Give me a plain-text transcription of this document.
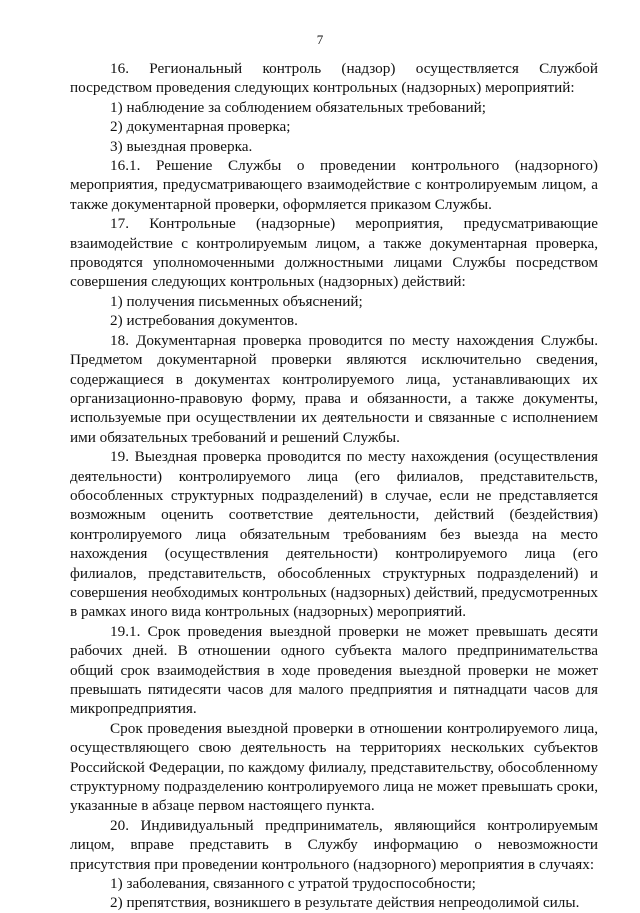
7

16. Региональный контроль (надзор) осуществляется Службой посредством проведения следующих контрольных (надзорных) мероприятий:

1) наблюдение за соблюдением обязательных требований;

2) документарная проверка;

3) выездная проверка.

16.1. Решение Службы о проведении контрольного (надзорного) мероприятия, предусматривающего взаимодействие с контролируемым лицом, а также документарной проверки, оформляется приказом Службы.

17. Контрольные (надзорные) мероприятия, предусматривающие взаимодействие с контролируемым лицом, а также документарная проверка, проводятся уполномоченными должностными лицами Службы посредством совершения следующих контрольных (надзорных) действий:

1) получения письменных объяснений;

2) истребования документов.

18. Документарная проверка проводится по месту нахождения Службы. Предметом документарной проверки являются исключительно сведения, содержащиеся в документах контролируемого лица, устанавливающих их организационно-правовую форму, права и обязанности, а также документы, используемые при осуществлении их деятельности и связанные с исполнением ими обязательных требований и решений Службы.

19. Выездная проверка проводится по месту нахождения (осуществления деятельности) контролируемого лица (его филиалов, представительств, обособленных структурных подразделений) в случае, если не представляется возможным оценить соответствие деятельности, действий (бездействия) контролируемого лица обязательным требованиям без выезда на место нахождения (осуществления деятельности) контролируемого лица (его филиалов, представительств, обособленных структурных подразделений) и совершения необходимых контрольных (надзорных) действий, предусмотренных в рамках иного вида контрольных (надзорных) мероприятий.

19.1. Срок проведения выездной проверки не может превышать десяти рабочих дней. В отношении одного субъекта малого предпринимательства общий срок взаимодействия в ходе проведения выездной проверки не может превышать пятидесяти часов для малого предприятия и пятнадцати часов для микропредприятия.

Срок проведения выездной проверки в отношении контролируемого лица, осуществляющего свою деятельность на территориях нескольких субъектов Российской Федерации, по каждому филиалу, представительству, обособленному структурному подразделению контролируемого лица не может превышать сроки, указанные в абзаце первом настоящего пункта.

20. Индивидуальный предприниматель, являющийся контролируемым лицом, вправе представить в Службу информацию о невозможности присутствия при проведении контрольного (надзорного) мероприятия в случаях:

1) заболевания, связанного с утратой трудоспособности;

2) препятствия, возникшего в результате действия непреодолимой силы.
